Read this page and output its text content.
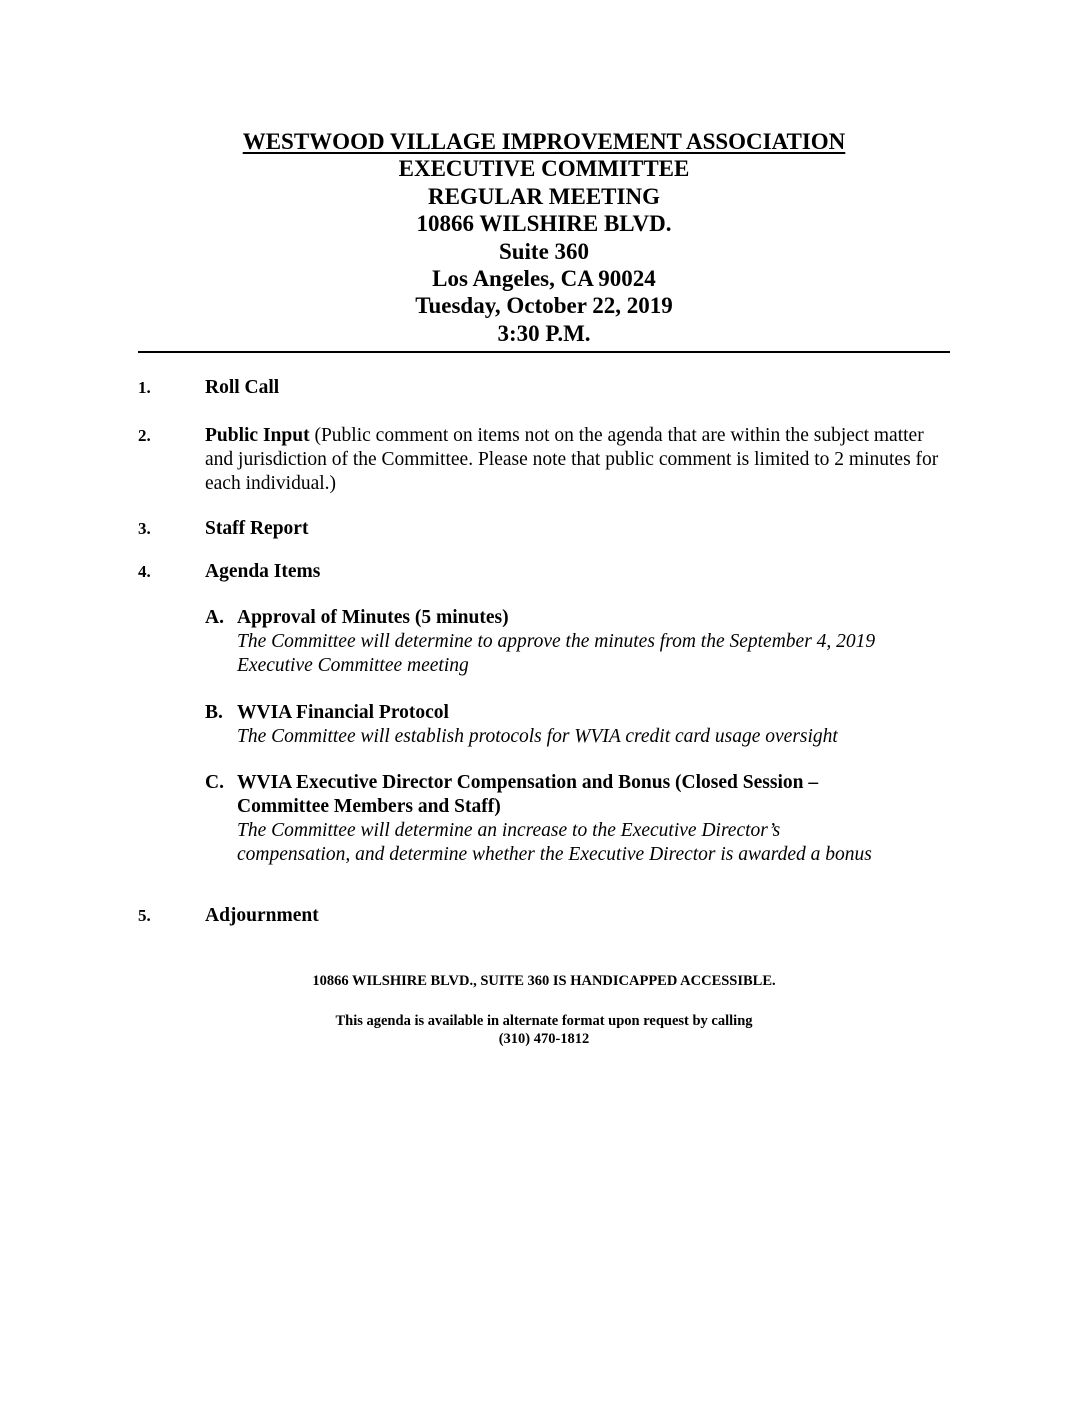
WESTWOOD VILLAGE IMPROVEMENT ASSOCIATION
EXECUTIVE COMMITTEE
REGULAR MEETING
10866 WILSHIRE BLVD.
Suite 360
Los Angeles, CA 90024
Tuesday, October 22, 2019
3:30 P.M.
1.	Roll Call
2.	Public Input (Public comment on items not on the agenda that are within the subject matter and jurisdiction of the Committee. Please note that public comment is limited to 2 minutes for each individual.)
3.	Staff Report
4.	Agenda Items
A. Approval of Minutes (5 minutes)
The Committee will determine to approve the minutes from the September 4, 2019
Executive Committee meeting
B. WVIA Financial Protocol
The Committee will establish protocols for WVIA credit card usage oversight
C. WVIA Executive Director Compensation and Bonus (Closed Session –
Committee Members and Staff)
The Committee will determine an increase to the Executive Director’s
compensation, and determine whether the Executive Director is awarded a bonus
5.	Adjournment
10866 WILSHIRE BLVD., SUITE 360 IS HANDICAPPED ACCESSIBLE.
This agenda is available in alternate format upon request by calling
(310) 470-1812
